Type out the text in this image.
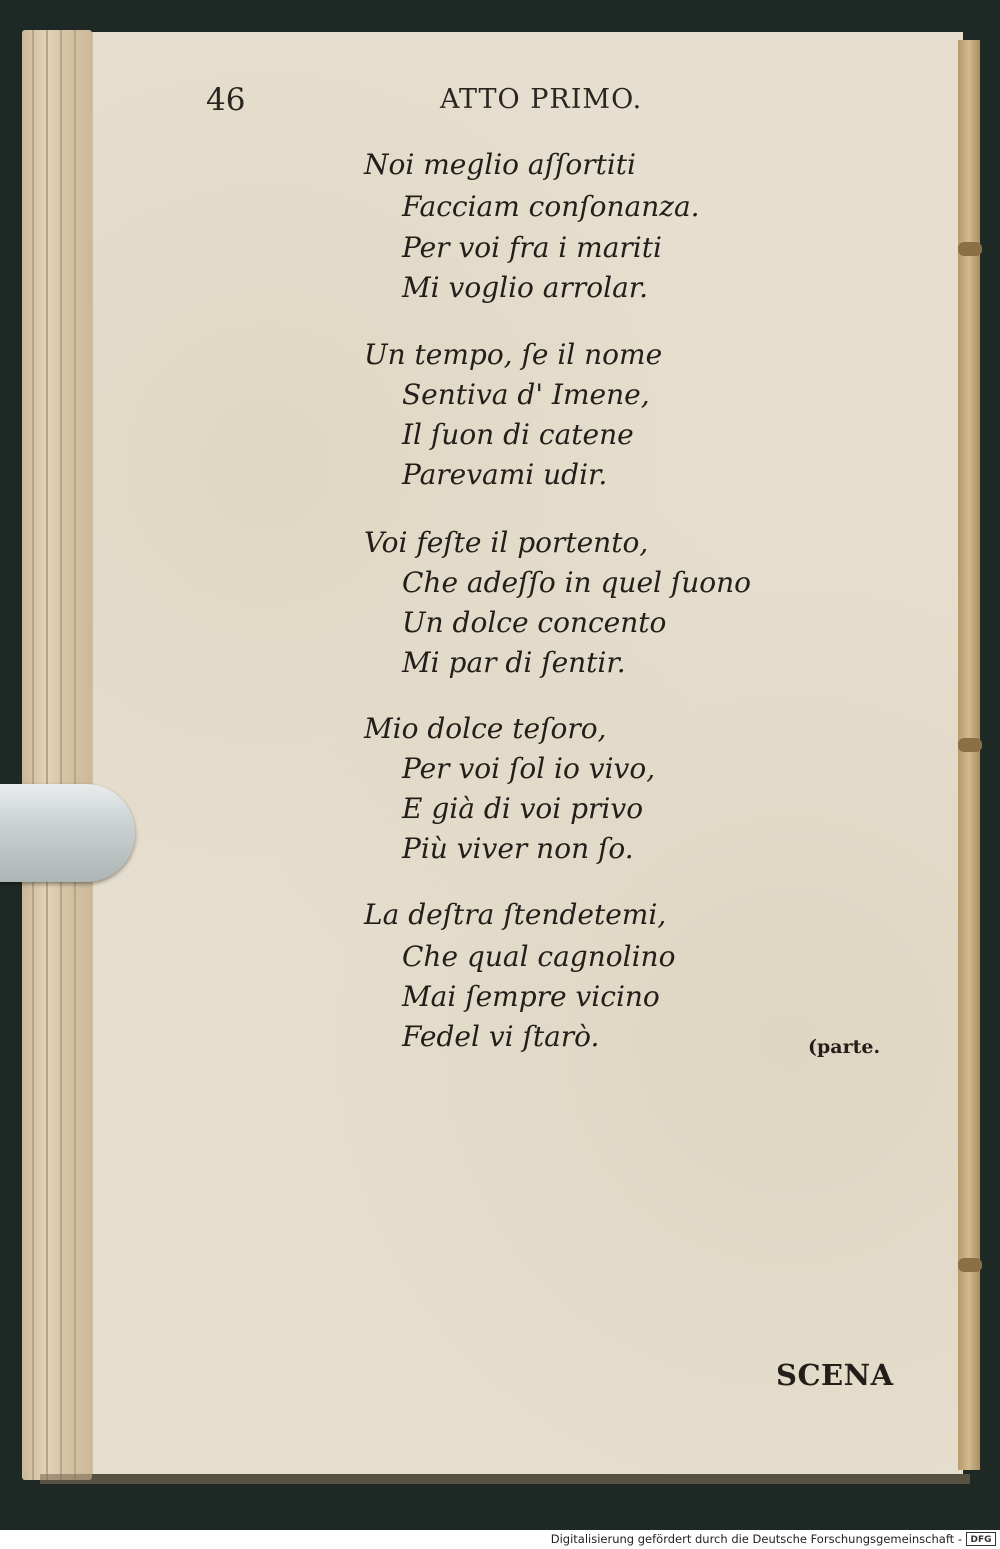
46	ATTO PRIMO.
Noi meglio aſſortiti
Facciam conſonanza.
Per voi fra i mariti
Mi voglio arrolar.
Un tempo, ſe il nome
Sentiva d' Imene,
Il ſuon di catene
Parevami udir.
Voi feſte il portento,
Che adeſſo in quel ſuono
Un dolce concento
Mi par di ſentir.
Mio dolce teſoro,
Per voi ſol io vivo,
E già di voi privo
Più viver non ſo.
La deſtra ſtendetemi,
Che qual cagnolino
Mai ſempre vicino
Fedel vi ſtarò.	(parte.
SCENA
Digitalisierung gefördert durch die Deutsche Forschungsgemeinschaft - DFG
